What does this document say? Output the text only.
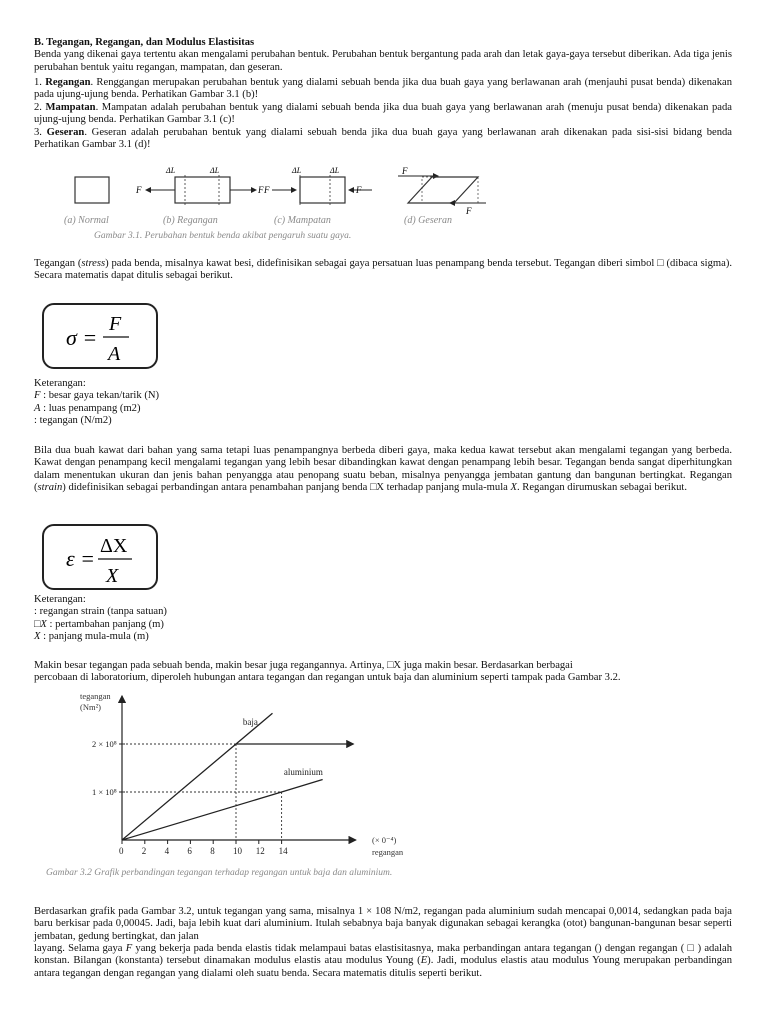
B. Tegangan, Regangan, dan Modulus Elastisitas
Benda yang dikenai gaya tertentu akan mengalami perubahan bentuk. Perubahan bentuk bergantung pada arah dan letak gaya-gaya tersebut diberikan. Ada tiga jenis perubahan bentuk yaitu regangan, mampatan, dan geseran.

1. Regangan. Renggangan merupakan perubahan bentuk yang dialami sebuah benda jika dua buah gaya yang berlawanan arah (menjauhi pusat benda) dikenakan pada ujung-ujung benda. Perhatikan Gambar 3.1 (b)!

2. Mampatan. Mampatan adalah perubahan bentuk yang dialami sebuah benda jika dua buah gaya yang berlawanan arah (menuju pusat benda) dikenakan pada ujung-ujung benda. Perhatikan Gambar 3.1 (c)!

3. Geseran. Geseran adalah perubahan bentuk yang dialami sebuah benda jika dua buah gaya yang berlawanan arah dikenakan pada sisi-sisi bidang benda Perhatikan Gambar 3.1 (d)!

F
ΔL	ΔL
F F
ΔL	ΔL
F
F
F
(a) Normal	(b) Regangan	(c) Mampatan	(d) Geseran
Gambar 3.1. Perubahan bentuk benda akibat pengaruh suatu gaya.

Tegangan (stress) pada benda, misalnya kawat besi, didefinisikan sebagai gaya persatuan luas penampang benda tersebut. Tegangan diberi simbol □ (dibaca sigma). Secara matematis dapat ditulis sebagai berikut.

σ =
F
A

Keterangan:
F : besar gaya tekan/tarik (N)
A : luas penampang (m2)
: tegangan (N/m2)

Bila dua buah kawat dari bahan yang sama tetapi luas penampangnya berbeda diberi gaya, maka kedua kawat tersebut akan mengalami tegangan yang berbeda. Kawat dengan penampang kecil mengalami tegangan yang lebih besar dibandingkan kawat dengan penampang lebih besar. Tegangan benda sangat diperhitungkan dalam menentukan ukuran dan jenis bahan penyangga atau penopang suatu beban, misalnya penyangga jembatan gantung dan bangunan bertingkat. Regangan (strain) didefinisikan sebagai perbandingan antara penambahan panjang benda □X terhadap panjang mula-mula X. Regangan dirumuskan sebagai berikut.

ε = ΔX
X

Keterangan:
: regangan strain (tanpa satuan)
□X : pertambahan panjang (m)
X : panjang mula-mula (m)

Makin besar tegangan pada sebuah benda, makin besar juga regangannya. Artinya, □X juga makin besar. Berdasarkan berbagai
percobaan di laboratorium, diperoleh hubungan antara tegangan dan regangan untuk baja dan aluminium seperti tampak pada Gambar 3.2.

tegangan
(Nm²)
(× 0⁻⁴)
regangan
Gambar 3.2 Grafik perbandingan tegangan terhadap regangan untuk baja dan aluminium.
0 2 4 6 8 10 12 14
1 × 10⁸
2 × 10⁸
baja
aluminium

Berdasarkan grafik pada Gambar 3.2, untuk tegangan yang sama, misalnya 1 × 108 N/m2, regangan pada aluminium sudah mencapai 0,0014, sedangkan pada baja baru berkisar pada 0,00045. Jadi, baja lebih kuat dari aluminium. Itulah sebabnya baja banyak digunakan sebagai kerangka (otot) bangunan-bangunan besar seperti jembatan, gedung bertingkat, dan jalan

layang. Selama gaya F yang bekerja pada benda elastis tidak melampaui batas elastisitasnya, maka perbandingan antara tegangan () dengan regangan ( □ ) adalah konstan. Bilangan (konstanta) tersebut dinamakan modulus elastis atau modulus Young (E). Jadi, modulus elastis atau modulus Young merupakan perbandingan antara tegangan dengan regangan yang dialami oleh suatu benda. Secara matematis ditulis seperti berikut.
